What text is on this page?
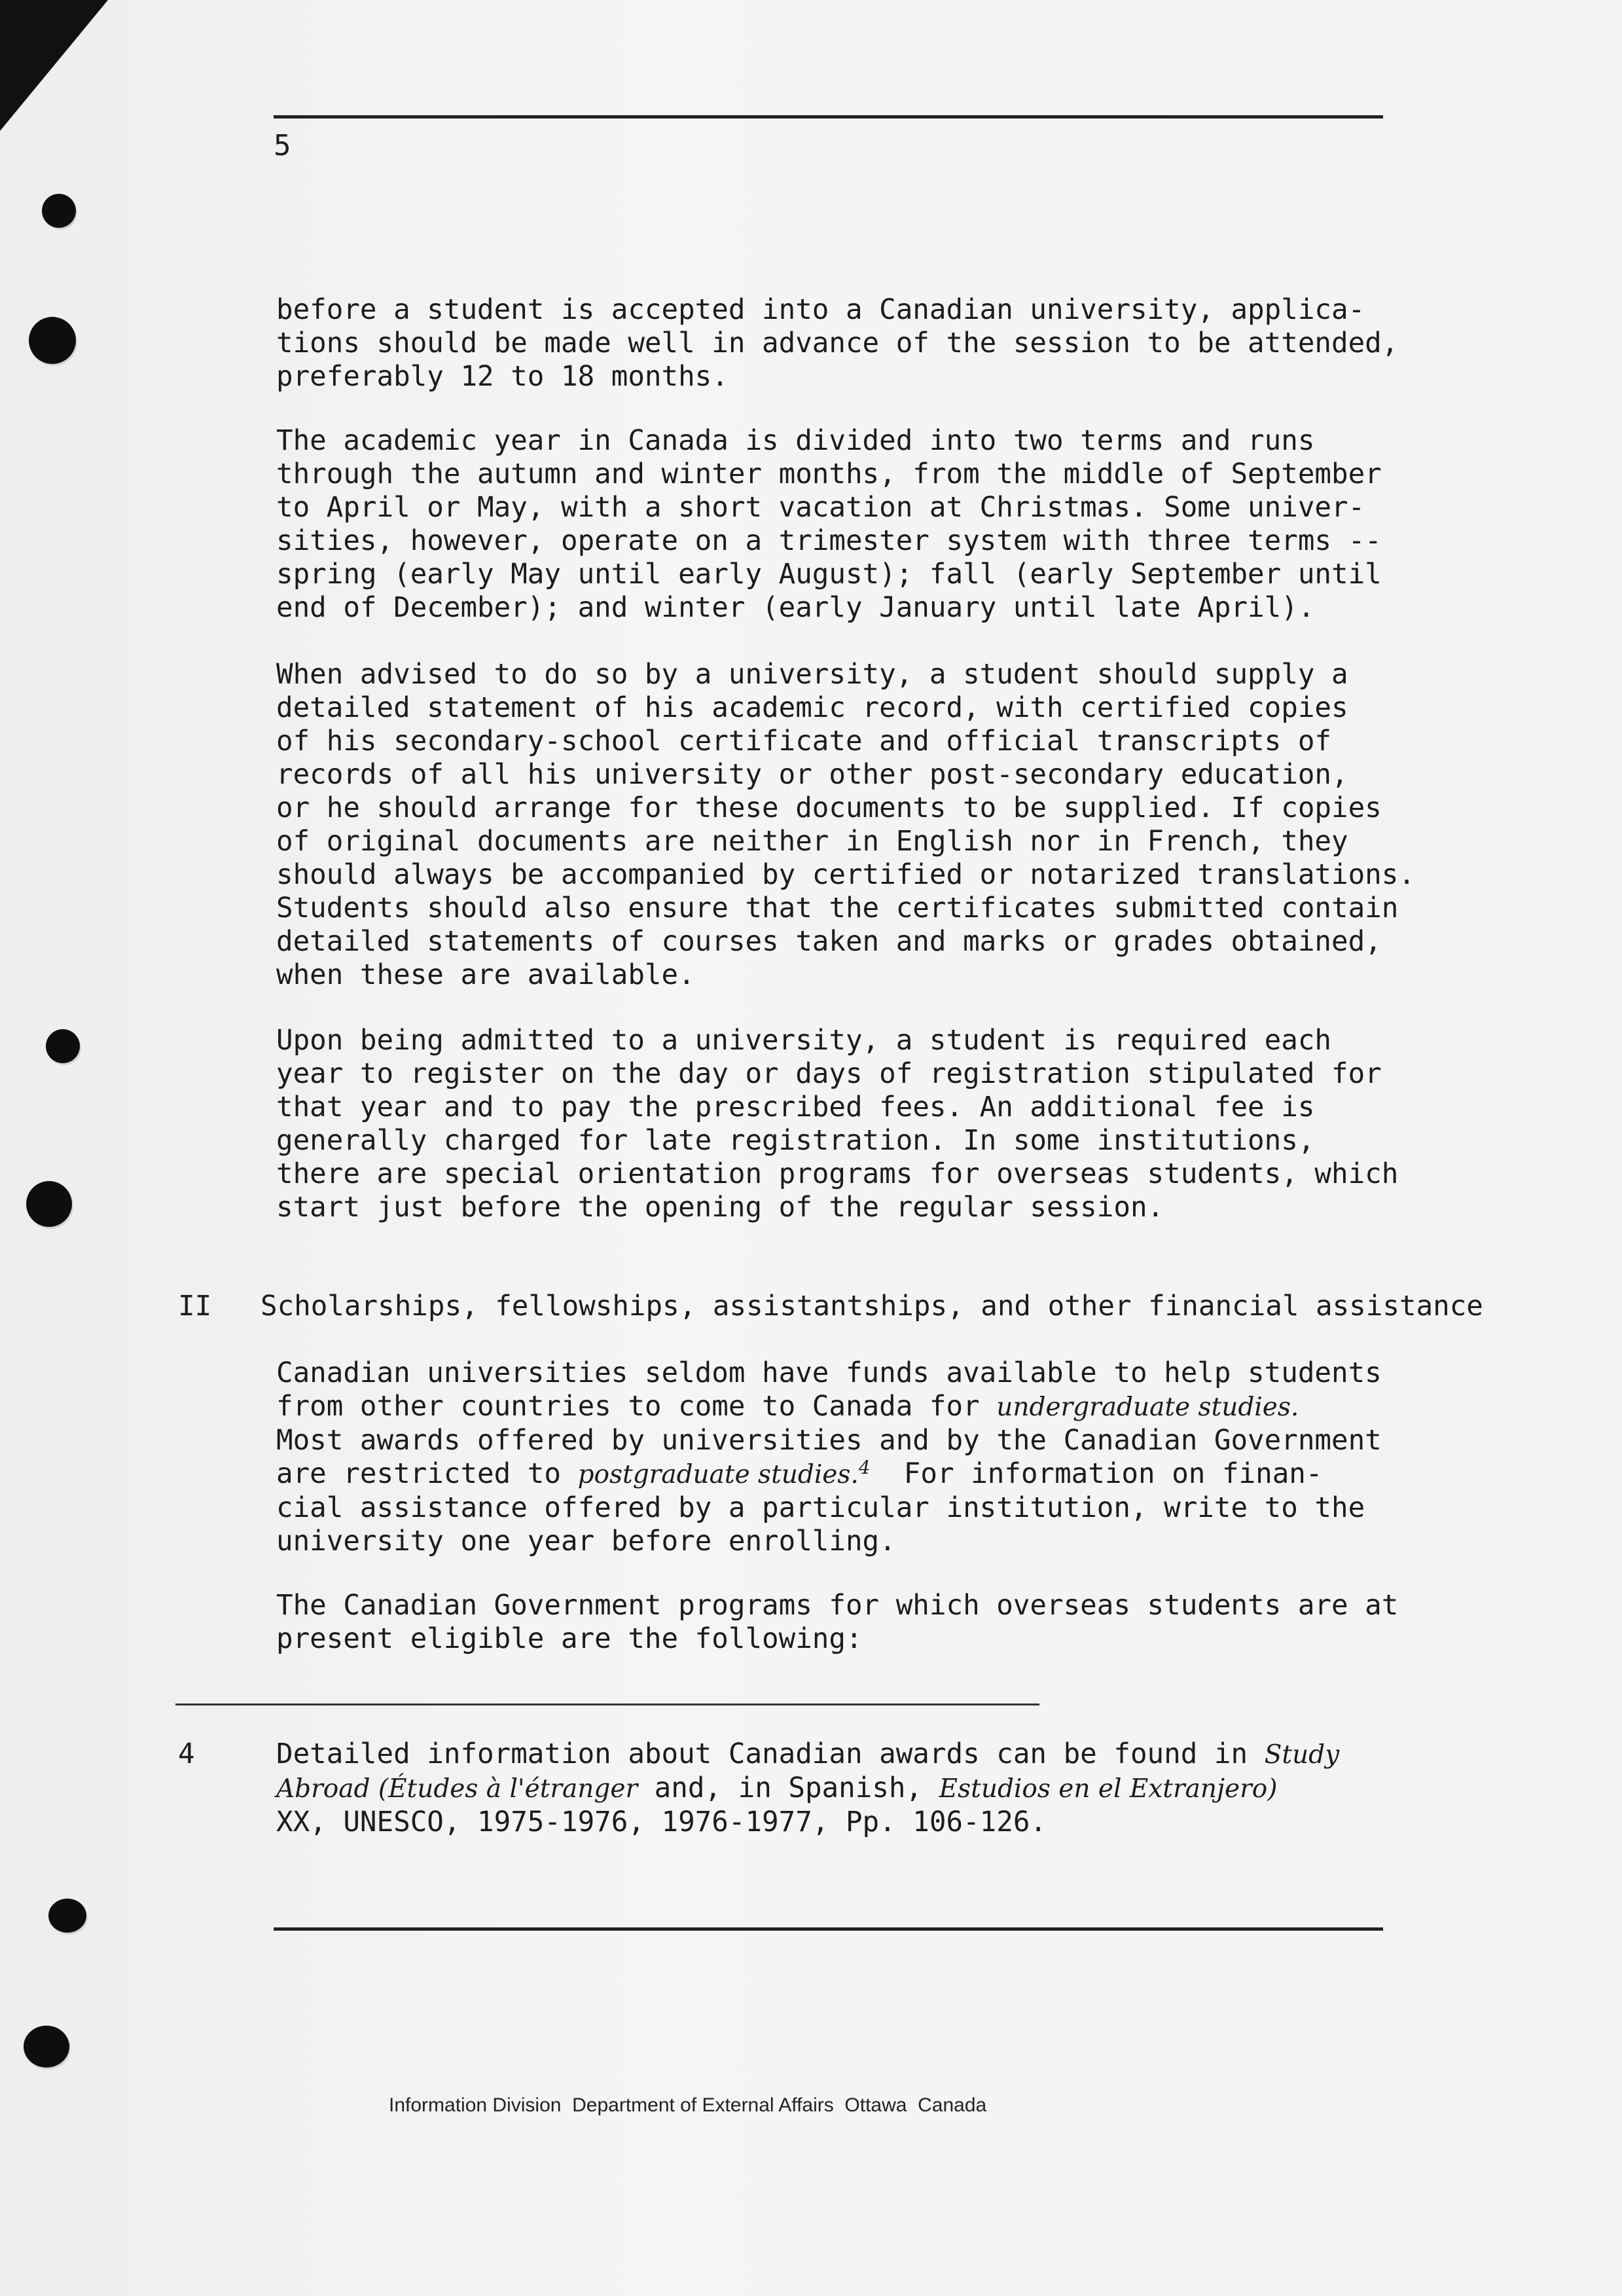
5
before a student is accepted into a Canadian university, applica-
tions should be made well in advance of the session to be attended,
preferably 12 to 18 months.
The academic year in Canada is divided into two terms and runs
through the autumn and winter months, from the middle of September
to April or May, with a short vacation at Christmas. Some univer-
sities, however, operate on a trimester system with three terms --
spring (early May until early August); fall (early September until
end of December); and winter (early January until late April).
When advised to do so by a university, a student should supply a
detailed statement of his academic record, with certified copies
of his secondary-school certificate and official transcripts of
records of all his university or other post-secondary education,
or he should arrange for these documents to be supplied. If copies
of original documents are neither in English nor in French, they
should always be accompanied by certified or notarized translations.
Students should also ensure that the certificates submitted contain
detailed statements of courses taken and marks or grades obtained,
when these are available.
Upon being admitted to a university, a student is required each
year to register on the day or days of registration stipulated for
that year and to pay the prescribed fees. An additional fee is
generally charged for late registration. In some institutions,
there are special orientation programs for overseas students, which
start just before the opening of the regular session.

II Scholarships, fellowships, assistantships, and other financial assistance

Canadian universities seldom have funds available to help students
from other countries to come to Canada for undergraduate studies.
Most awards offered by universities and by the Canadian Government
are restricted to postgraduate studies.$^4$  For information on finan-
cial assistance offered by a particular institution, write to the
university one year before enrolling.
The Canadian Government programs for which overseas students are at
present eligible are the following:

4	Detailed information about Canadian awards can be found in Study
Abroad (Études à l'étranger and, in Spanish, Estudios en el Extranjero)
XX, UNESCO, 1975-1976, 1976-1977, Pp. 106-126.

Information Division  Department of External Affairs  Ottawa  Canada
